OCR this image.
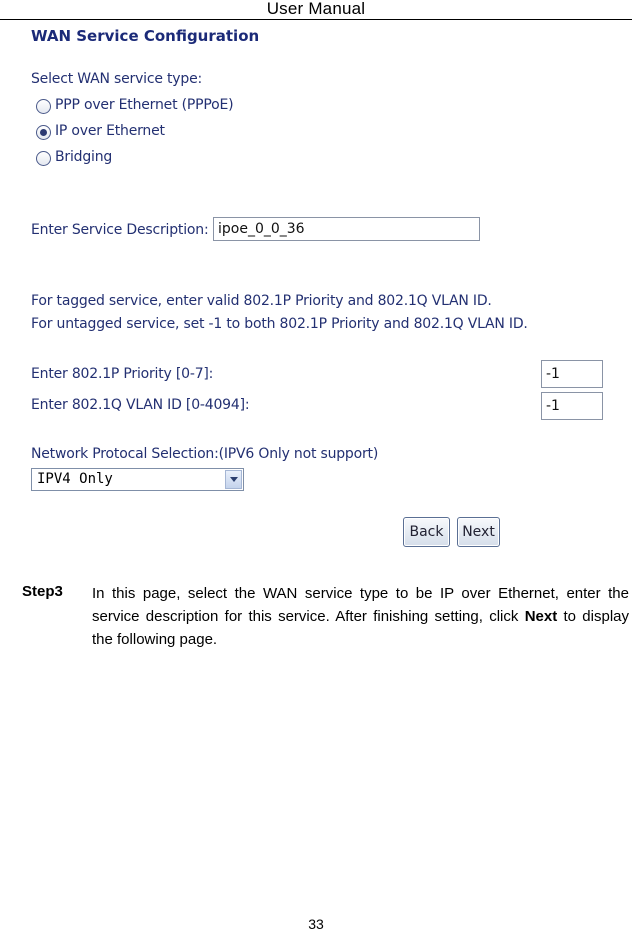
User Manual
WAN Service Configuration
Select WAN service type:
PPP over Ethernet (PPPoE)
IP over Ethernet
Bridging
Enter Service Description: ipoe_0_0_36
For tagged service, enter valid 802.1P Priority and 802.1Q VLAN ID.
For untagged service, set -1 to both 802.1P Priority and 802.1Q VLAN ID.
Enter 802.1P Priority [0-7]:	-1
Enter 802.1Q VLAN ID [0-4094]:	-1
Network Protocal Selection:(IPV6 Only not support)
IPV4 Only
Back	Next
Step3 In this page, select the WAN service type to be IP over Ethernet, enter the service description for this service. After finishing setting, click Next to display the following page.
33
